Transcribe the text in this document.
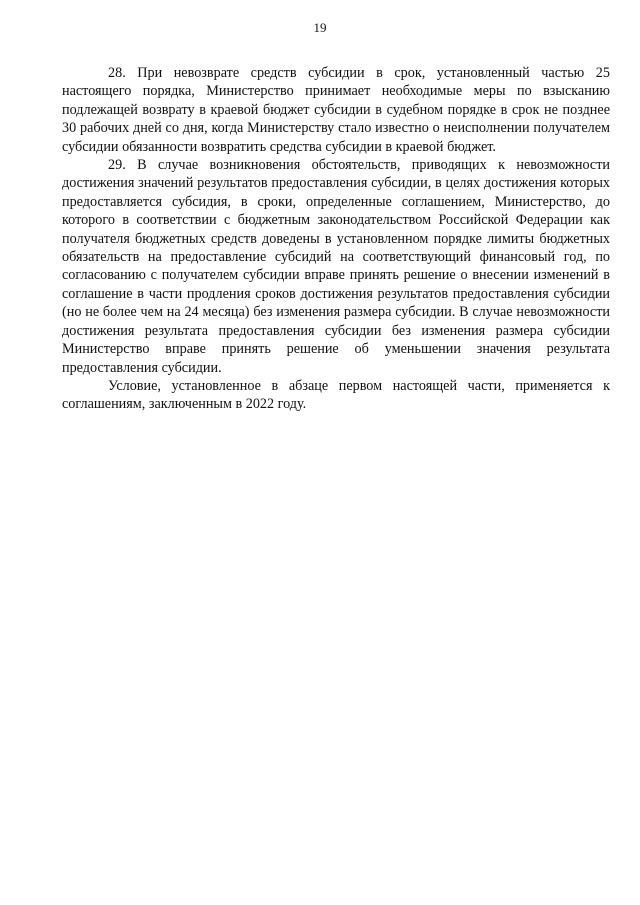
19

28. При невозврате средств субсидии в срок, установленный частью 25 настоящего порядка, Министерство принимает необходимые меры по взысканию подлежащей возврату в краевой бюджет субсидии в судебном порядке в срок не позднее 30 рабочих дней со дня, когда Министерству стало известно о неисполнении получателем субсидии обязанности возвратить средства субсидии в краевой бюджет.

29. В случае возникновения обстоятельств, приводящих к невозможности достижения значений результатов предоставления субсидии, в целях достижения которых предоставляется субсидия, в сроки, определенные соглашением, Министерство, до которого в соответствии с бюджетным законодательством Российской Федерации как получателя бюджетных средств доведены в установленном порядке лимиты бюджетных обязательств на предоставление субсидий на соответствующий финансовый год, по согласованию с получателем субсидии вправе принять решение о внесении изменений в соглашение в части продления сроков достижения результатов предоставления субсидии (но не более чем на 24 месяца) без изменения размера субсидии. В случае невозможности достижения результата предоставления субсидии без изменения размера субсидии Министерство вправе принять решение об уменьшении значения результата предоставления субсидии.

Условие, установленное в абзаце первом настоящей части, применяется к соглашениям, заключенным в 2022 году.
